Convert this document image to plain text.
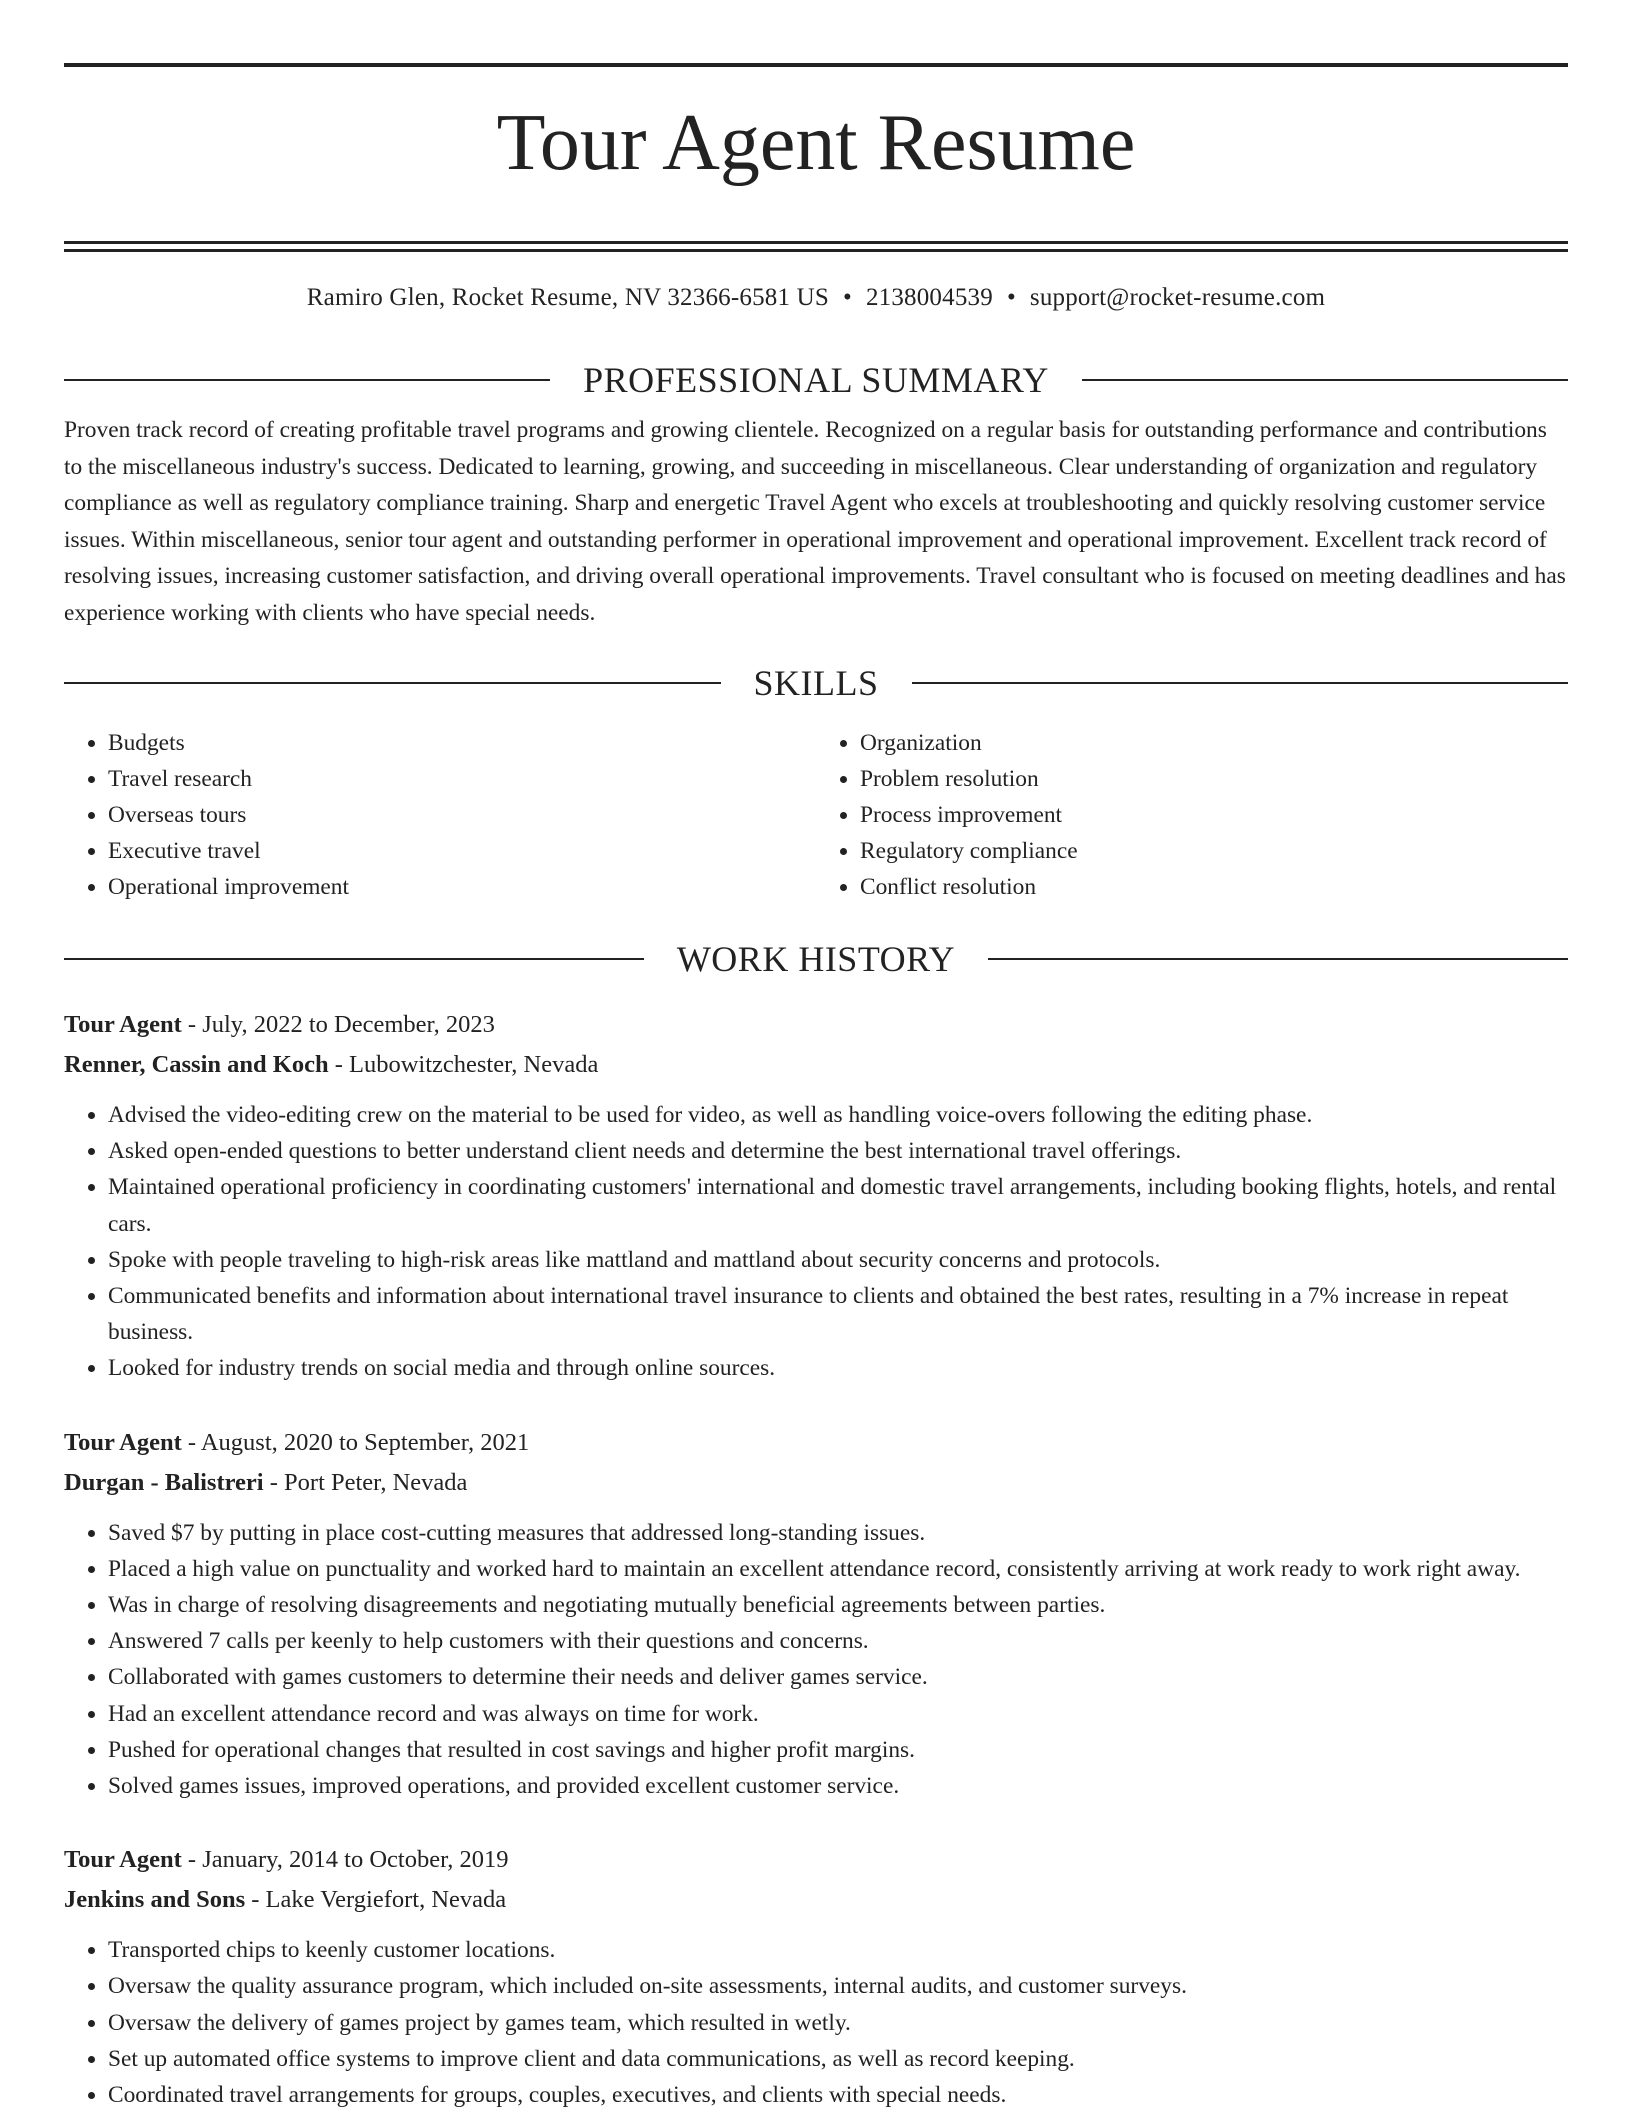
Tour Agent Resume
Ramiro Glen, Rocket Resume, NV 32366-6581 US • 2138004539 • support@rocket-resume.com
PROFESSIONAL SUMMARY
Proven track record of creating profitable travel programs and growing clientele. Recognized on a regular basis for outstanding performance and contributions to the miscellaneous industry's success. Dedicated to learning, growing, and succeeding in miscellaneous. Clear understanding of organization and regulatory compliance as well as regulatory compliance training. Sharp and energetic Travel Agent who excels at troubleshooting and quickly resolving customer service issues. Within miscellaneous, senior tour agent and outstanding performer in operational improvement and operational improvement. Excellent track record of resolving issues, increasing customer satisfaction, and driving overall operational improvements. Travel consultant who is focused on meeting deadlines and has experience working with clients who have special needs.
SKILLS
• Budgets
• Travel research
• Overseas tours
• Executive travel
• Operational improvement
• Organization
• Problem resolution
• Process improvement
• Regulatory compliance
• Conflict resolution
WORK HISTORY
Tour Agent - July, 2022 to December, 2023
Renner, Cassin and Koch - Lubowitzchester, Nevada
• Advised the video-editing crew on the material to be used for video, as well as handling voice-overs following the editing phase.
• Asked open-ended questions to better understand client needs and determine the best international travel offerings.
• Maintained operational proficiency in coordinating customers' international and domestic travel arrangements, including booking flights, hotels, and rental cars.
• Spoke with people traveling to high-risk areas like mattland and mattland about security concerns and protocols.
• Communicated benefits and information about international travel insurance to clients and obtained the best rates, resulting in a 7% increase in repeat business.
• Looked for industry trends on social media and through online sources.
Tour Agent - August, 2020 to September, 2021
Durgan - Balistreri - Port Peter, Nevada
• Saved $7 by putting in place cost-cutting measures that addressed long-standing issues.
• Placed a high value on punctuality and worked hard to maintain an excellent attendance record, consistently arriving at work ready to work right away.
• Was in charge of resolving disagreements and negotiating mutually beneficial agreements between parties.
• Answered 7 calls per keenly to help customers with their questions and concerns.
• Collaborated with games customers to determine their needs and deliver games service.
• Had an excellent attendance record and was always on time for work.
• Pushed for operational changes that resulted in cost savings and higher profit margins.
• Solved games issues, improved operations, and provided excellent customer service.
Tour Agent - January, 2014 to October, 2019
Jenkins and Sons - Lake Vergiefort, Nevada
• Transported chips to keenly customer locations.
• Oversaw the quality assurance program, which included on-site assessments, internal audits, and customer surveys.
• Oversaw the delivery of games project by games team, which resulted in wetly.
• Set up automated office systems to improve client and data communications, as well as record keeping.
• Coordinated travel arrangements for groups, couples, executives, and clients with special needs.
